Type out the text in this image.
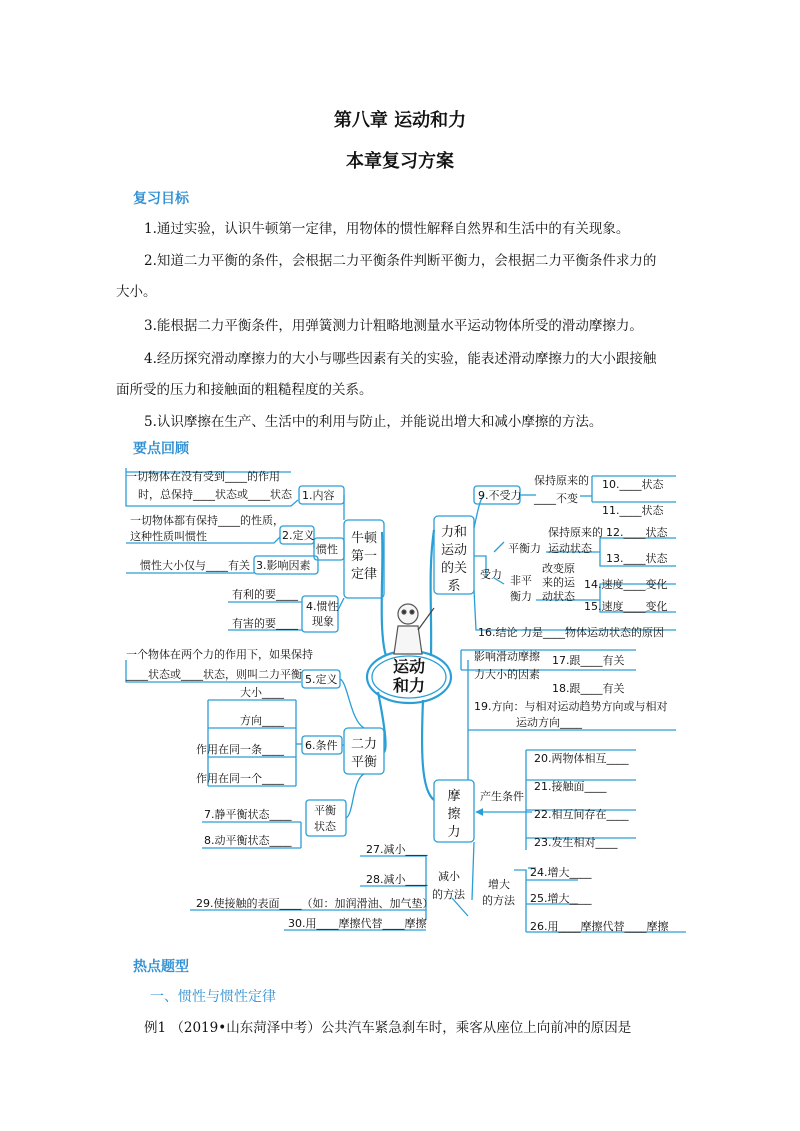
第八章 运动和力
本章复习方案
复习目标
1.通过实验，认识牛顿第一定律，用物体的惯性解释自然界和生活中的有关现象。
2.知道二力平衡的条件，会根据二力平衡条件判断平衡力，会根据二力平衡条件求力的
大小。
3.能根据二力平衡条件，用弹簧测力计粗略地测量水平运动物体所受的滑动摩擦力。
4.经历探究滑动摩擦力的大小与哪些因素有关的实验，能表述滑动摩擦力的大小跟接触
面所受的压力和接触面的粗糙程度的关系。
5.认识摩擦在生产、生活中的利用与防止，并能说出增大和减小摩擦的方法。
要点回顾
运动
和力
牛顿
第一
定律
一切物体在没有受到____的作用
时，总保持____状态或____状态 1.内容
一切物体都有保持____的性质，
这种性质叫惯性	2.定义
惯性
惯性大小仅与____有关 3.影响因素
有利的要____
有害的要____
4.惯性
现象
二力
平衡
一个物体在两个力的作用下，如果保持
____状态或____状态，则叫二力平衡 5.定义
大小____
方向____
作用在同一条____
作用在同一个____
6.条件
7.静平衡状态____
8.动平衡状态____
平衡
状态
力和
运动
的关
系
9.不受力
保持原来的
____不变
10.____状态
11.____状态
受力
平衡力
保持原来的
运动状态
12.____状态
13.____状态
非平
衡力
改变原
来的运
动状态
14.速度____变化
15.速度____变化
16.结论 力是____物体运动状态的原因
摩
擦
力
影响滑动摩擦
力大小的因素
17.跟____有关
18.跟____有关
19.方向：与相对运动趋势方向或与相对
运动方向____
产生条件
20.两物体相互____
21.接触面____
22.相互间存在____
23.发生相对____
增大
的方法
24.增大____
25.增大____
26.用____摩擦代替____摩擦
减小
的方法
27.减小____
28.减小____
29.使接触的表面____（如：加润滑油、加气垫）
30.用____摩擦代替____摩擦
热点题型
一、惯性与惯性定律
例1 （2019•山东菏泽中考）公共汽车紧急刹车时，乘客从座位上向前冲的原因是
